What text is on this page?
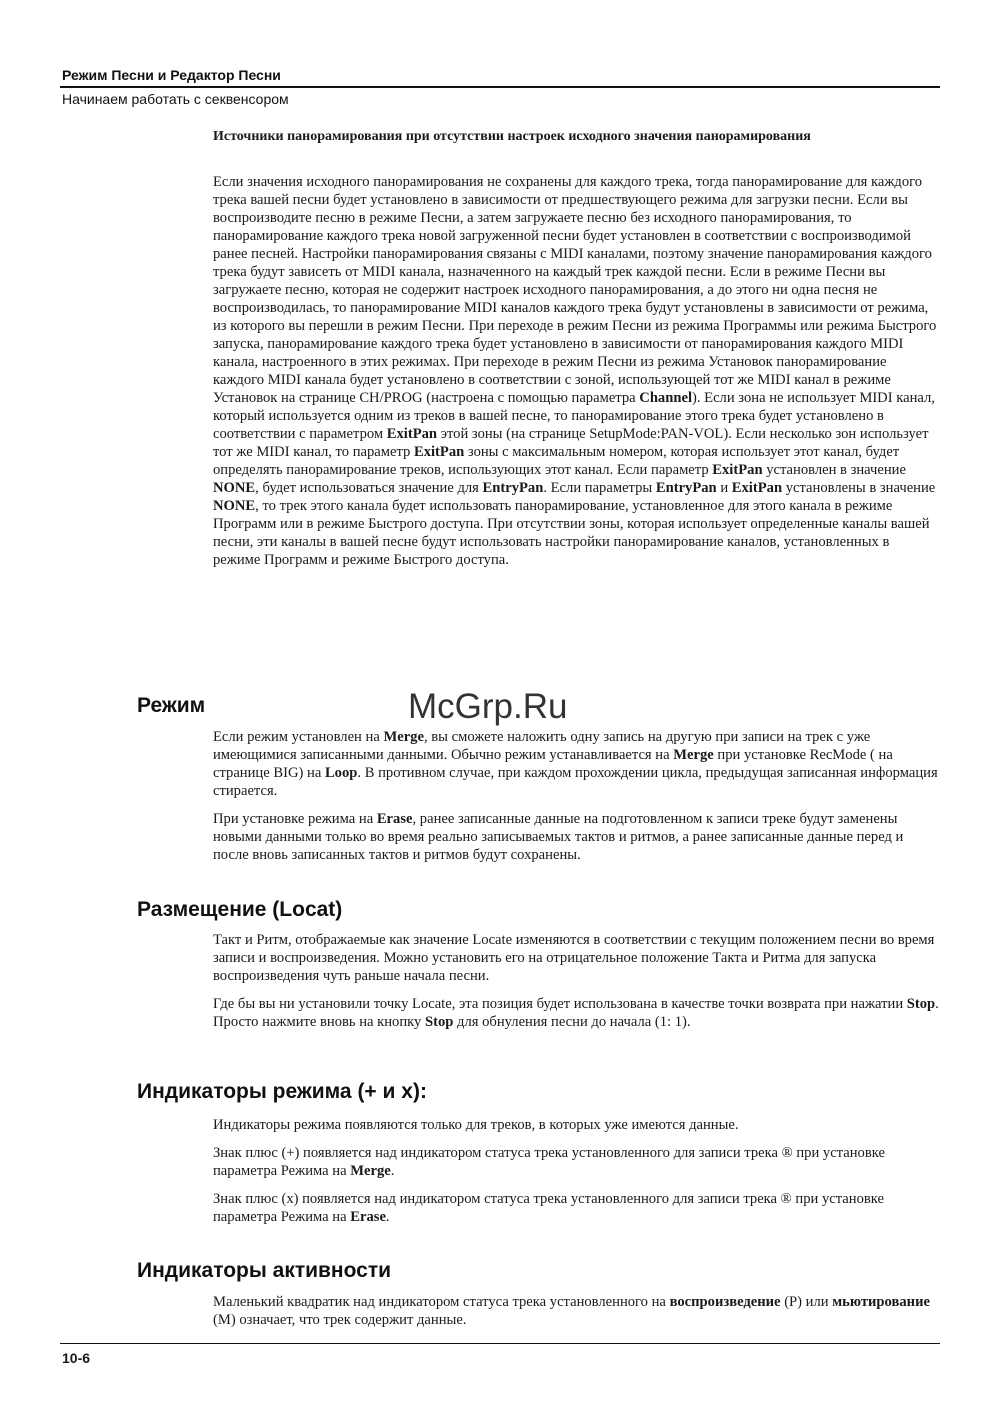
Режим Песни и Редактор Песни
Начинаем работать с секвенсором
Источники панорамирования при отсутствии настроек исходного значения панорамирования

Если значения исходного панорамирования не сохранены для каждого трека, тогда панорамирование для каждого трека вашей песни будет установлено в зависимости от предшествующего режима для загрузки песни. Если вы воспроизводите песню в режиме Песни, а затем загружаете песню без исходного панорамирования, то панорамирование каждого трека новой загруженной песни будет установлен в соответствии с воспроизводимой ранее песней. Настройки панорамирования связаны с MIDI каналами, поэтому значение панорамирования каждого трека будут зависеть от MIDI канала, назначенного на каждый трек каждой песни. Если в режиме Песни вы загружаете песню, которая не содержит настроек исходного панорамирования, а до этого ни одна песня не воспроизводилась, то панорамирование MIDI каналов каждого трека будут установлены в зависимости от режима, из которого вы перешли в режим Песни. При переходе в режим Песни из режима Программы или режима Быстрого запуска, панорамирование каждого трека будет установлено в зависимости от панорамирования каждого MIDI канала, настроенного в этих режимах. При переходе в режим Песни из режима Установок панорамирование каждого MIDI канала будет установлено в соответствии с зоной, использующей тот же MIDI канал в режиме Установок на странице CH/PROG (настроена с помощью параметра Channel). Если зона не использует MIDI канал, который используется одним из треков в вашей песне, то панорамирование этого трека будет установлено в соответствии с параметром ExitPan этой зоны (на странице SetupMode:PAN-VOL). Если несколько зон использует тот же MIDI канал, то параметр ExitPan зоны с максимальным номером, которая использует этот канал, будет определять панорамирование треков, использующих этот канал. Если параметр ExitPan установлен в значение NONE, будет использоваться значение для EntryPan. Если параметры EntryPan и ExitPan установлены в значение NONE, то трек этого канала будет использовать панорамирование, установленное для этого канала в режиме Программ или в режиме Быстрого доступа. При отсутствии зоны, которая использует определенные каналы вашей песни, эти каналы в вашей песне будут использовать настройки панорамирование каналов, установленных в режиме Программ и режиме Быстрого доступа.

McGrp.Ru
Режим

Если режим установлен на Merge, вы сможете наложить одну запись на другую при записи на трек с уже имеющимися записанными данными. Обычно режим устанавливается на Merge при установке RecMode ( на странице BIG) на Loop. В противном случае, при каждом прохождении цикла, предыдущая записанная информация стирается.

При установке режима на Erase, ранее записанные данные на подготовленном к записи треке будут заменены новыми данными только во время реально записываемых тактов и ритмов, а ранее записанные данные перед и после вновь записанных тактов и ритмов будут сохранены.

Размещение (Locat)

Такт и Ритм, отображаемые как значение Locate изменяются в соответствии с текущим положением песни во время записи и воспроизведения. Можно установить его на отрицательное положение Такта и Ритма для запуска воспроизведения чуть раньше начала песни.

Где бы вы ни установили точку Locate, эта позиция будет использована в качестве точки возврата при нажатии Stop. Просто нажмите вновь на кнопку Stop для обнуления песни до начала (1: 1).

Индикаторы режима (+ и x):

Индикаторы режима появляются только для треков, в которых уже имеются данные.

Знак плюс (+) появляется над индикатором статуса трека установленного для записи трека ® при установке параметра Режима на Merge.

Знак плюс (x) появляется над индикатором статуса трека установленного для записи трека ® при установке параметра Режима на Erase.

Индикаторы активности

Маленький квадратик над индикатором статуса трека установленного на воспроизведение (P) или мьютирование (M) означает, что трек содержит данные.

10-6
